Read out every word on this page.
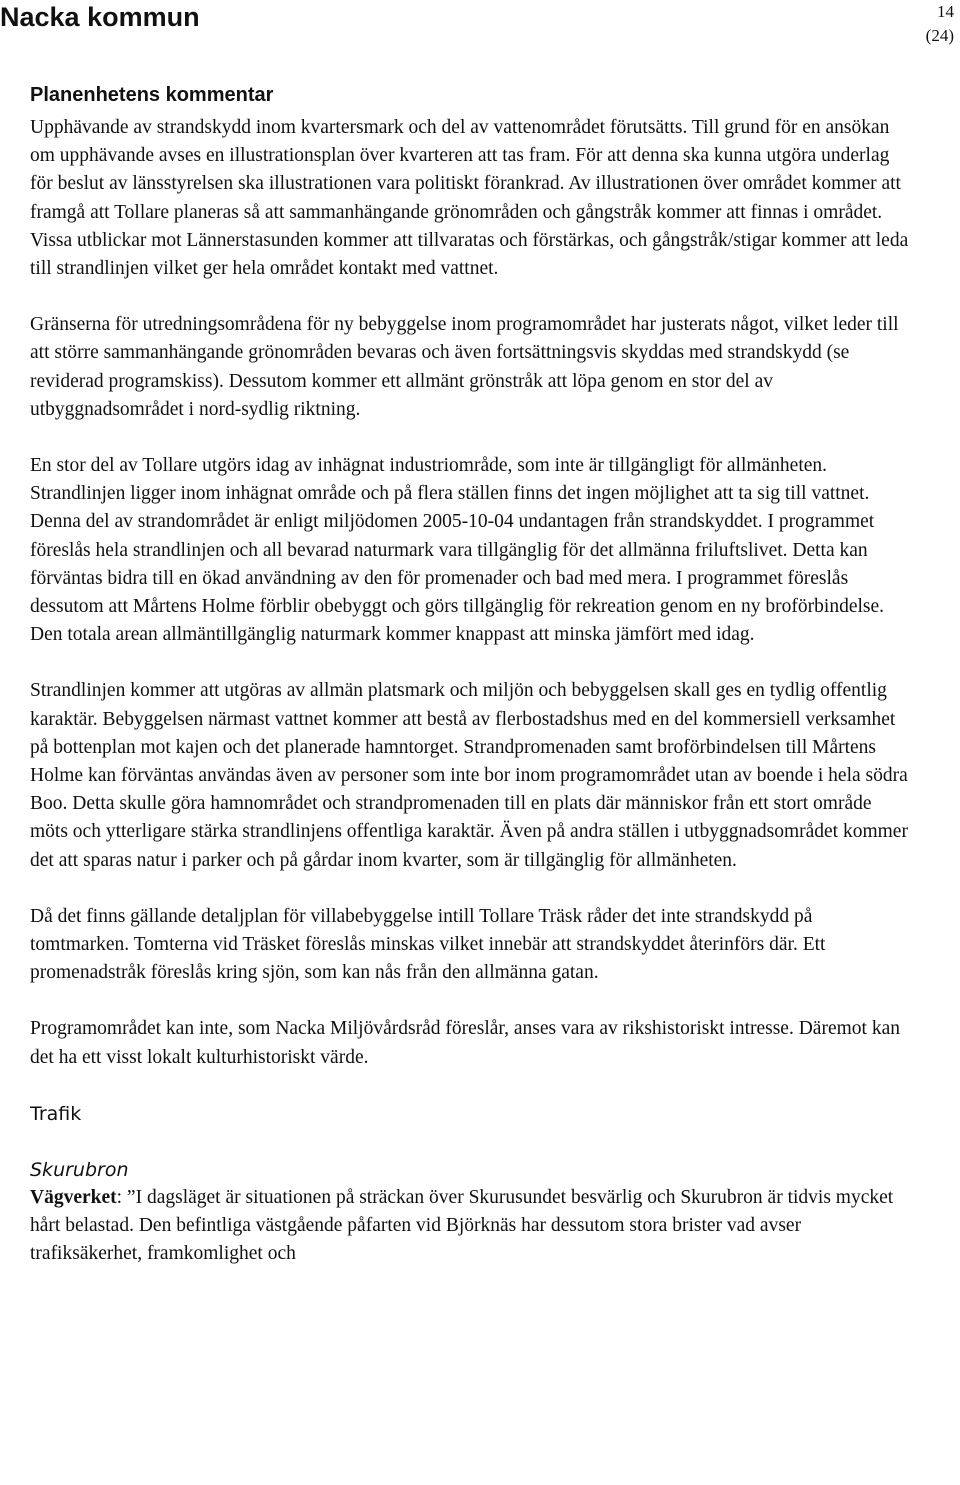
Nacka kommun	14
(24)
Planenhetens kommentar

Upphävande av strandskydd inom kvartersmark och del av vattenområdet förutsätts. Till grund för en ansökan om upphävande avses en illustrationsplan över kvarteren att tas fram. För att denna ska kunna utgöra underlag för beslut av länsstyrelsen ska illustrationen vara politiskt förankrad. Av illustrationen över området kommer att framgå att Tollare planeras så att sammanhängande grönområden och gångstråk kommer att finnas i området. Vissa utblickar mot Lännerstasunden kommer att tillvaratas och förstärkas, och gångstråk/stigar kommer att leda till strandlinjen vilket ger hela området kontakt med vattnet.

Gränserna för utredningsområdena för ny bebyggelse inom programområdet har justerats något, vilket leder till att större sammanhängande grönområden bevaras och även fortsättningsvis skyddas med strandskydd (se reviderad programskiss). Dessutom kommer ett allmänt grönstråk att löpa genom en stor del av utbyggnadsområdet i nord-sydlig riktning.

En stor del av Tollare utgörs idag av inhägnat industriområde, som inte är tillgängligt för allmänheten. Strandlinjen ligger inom inhägnat område och på flera ställen finns det ingen möjlighet att ta sig till vattnet. Denna del av strandområdet är enligt miljödomen 2005-10-04 undantagen från strandskyddet. I programmet föreslås hela strandlinjen och all bevarad naturmark vara tillgänglig för det allmänna friluftslivet. Detta kan förväntas bidra till en ökad användning av den för promenader och bad med mera. I programmet föreslås dessutom att Mårtens Holme förblir obebyggt och görs tillgänglig för rekreation genom en ny broförbindelse. Den totala arean allmäntillgänglig naturmark kommer knappast att minska jämfört med idag.

Strandlinjen kommer att utgöras av allmän platsmark och miljön och bebyggelsen skall ges en tydlig offentlig karaktär. Bebyggelsen närmast vattnet kommer att bestå av flerbostadshus med en del kommersiell verksamhet på bottenplan mot kajen och det planerade hamntorget. Strandpromenaden samt broförbindelsen till Mårtens Holme kan förväntas användas även av personer som inte bor inom programområdet utan av boende i hela södra Boo. Detta skulle göra hamnområdet och strandpromenaden till en plats där människor från ett stort område möts och ytterligare stärka strandlinjens offentliga karaktär. Även på andra ställen i utbyggnadsområdet kommer det att sparas natur i parker och på gårdar inom kvarter, som är tillgänglig för allmänheten.

Då det finns gällande detaljplan för villabebyggelse intill Tollare Träsk råder det inte strandskydd på tomtmarken. Tomterna vid Träsket föreslås minskas vilket innebär att strandskyddet återinförs där. Ett promenadstråk föreslås kring sjön, som kan nås från den allmänna gatan.

Programområdet kan inte, som Nacka Miljövårdsråd föreslår, anses vara av rikshistoriskt intresse. Däremot kan det ha ett visst lokalt kulturhistoriskt värde.

Trafik
Skurubron

Vägverket: ”I dagsläget är situationen på sträckan över Skurusundet besvärlig och Skurubron är tidvis mycket hårt belastad. Den befintliga västgående påfarten vid Björknäs har dessutom stora brister vad avser trafiksäkerhet, framkomlighet och
